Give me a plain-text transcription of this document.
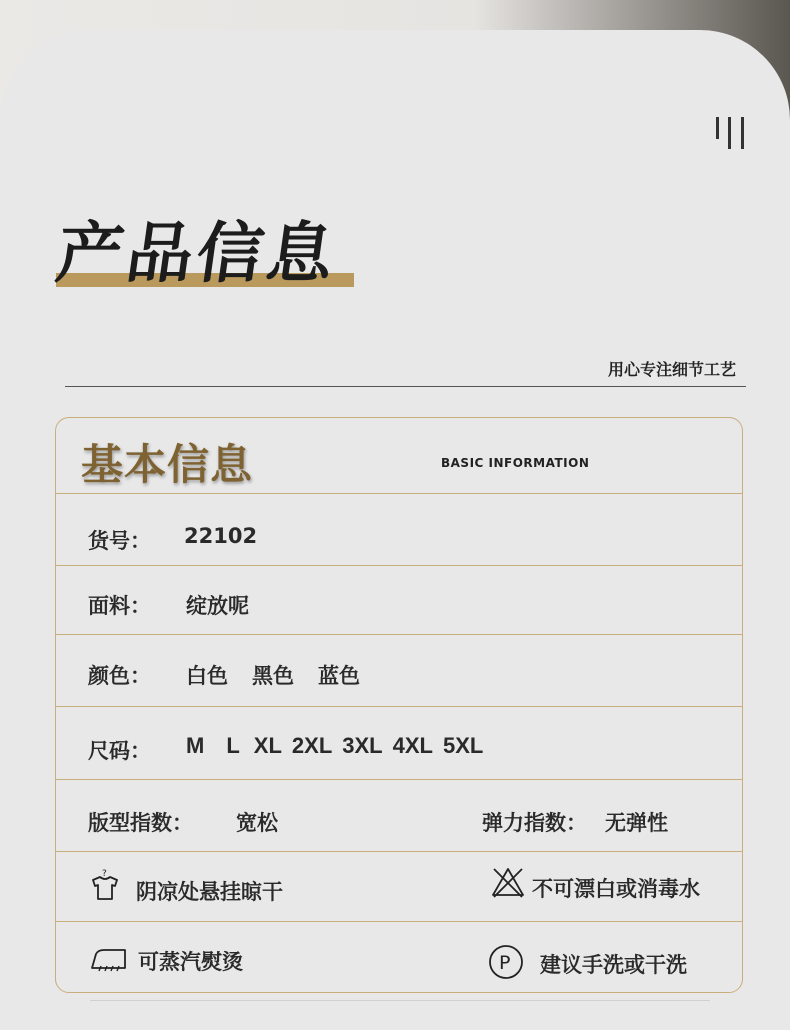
产品信息

用心专注细节工艺

基本信息	BASIC INFORMATION
货号： 22102
面料： 绽放呢
颜色： 白色 黑色 蓝色
尺码： M L XL 2XL 3XL 4XL 5XL
版型指数： 宽松	弹力指数： 无弹性
?
阴凉处悬挂晾干	不可漂白或消毒水
可蒸汽熨烫	P 建议手洗或干洗
